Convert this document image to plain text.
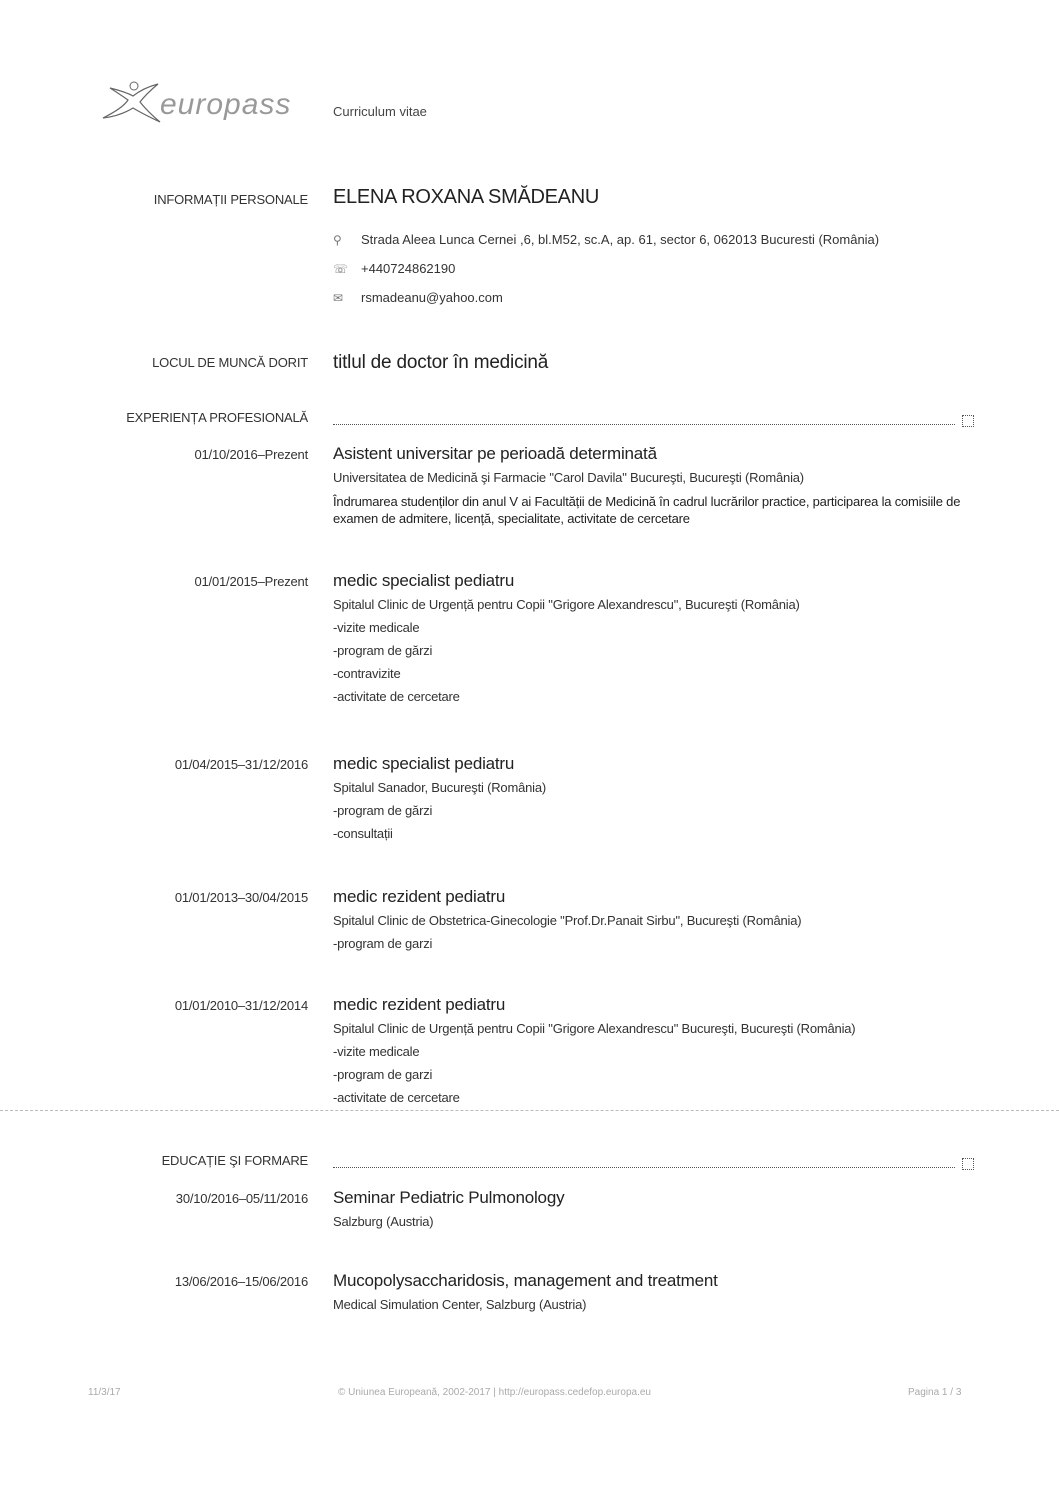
europass	Curriculum vitae
INFORMAȚII PERSONALE ELENA ROXANA SMĂDEANU
⚲ Strada Aleea Lunca Cernei ,6, bl.M52, sc.A, ap. 61, sector 6, 062013 Bucuresti (România)
☏ +440724862190
✉ rsmadeanu@yahoo.com
LOCUL DE MUNCĂ DORIT titlul de doctor în medicină
EXPERIENȚA PROFESIONALĂ
01/10/2016–Prezent Asistent universitar pe perioadă determinată
Universitatea de Medicină şi Farmacie "Carol Davila" Bucureşti, Bucureşti (România)
Îndrumarea studenților din anul V ai Facultății de Medicină în cadrul lucrărilor practice, participarea la comisiile de examen de admitere, licență, specialitate, activitate de cercetare
01/01/2015–Prezent medic specialist pediatru
Spitalul Clinic de Urgență pentru Copii "Grigore Alexandrescu", Bucureşti (România)
-vizite medicale
-program de gărzi
-contravizite
-activitate de cercetare
01/04/2015–31/12/2016 medic specialist pediatru
Spitalul Sanador, Bucureşti (România)
-program de gărzi
-consultații
01/01/2013–30/04/2015 medic rezident pediatru
Spitalul Clinic de Obstetrica-Ginecologie "Prof.Dr.Panait Sirbu", Bucureşti (România)
-program de garzi
01/01/2010–31/12/2014 medic rezident pediatru
Spitalul Clinic de Urgență pentru Copii "Grigore Alexandrescu" Bucureşti, Bucureşti (România)
-vizite medicale
-program de garzi
-activitate de cercetare
EDUCAȚIE ŞI FORMARE
30/10/2016–05/11/2016 Seminar Pediatric Pulmonology
Salzburg (Austria)
13/06/2016–15/06/2016 Mucopolysaccharidosis, management and treatment
Medical Simulation Center, Salzburg (Austria)
11/3/17	© Uniunea Europeană, 2002-2017 | http://europass.cedefop.europa.eu	Pagina 1 / 3
